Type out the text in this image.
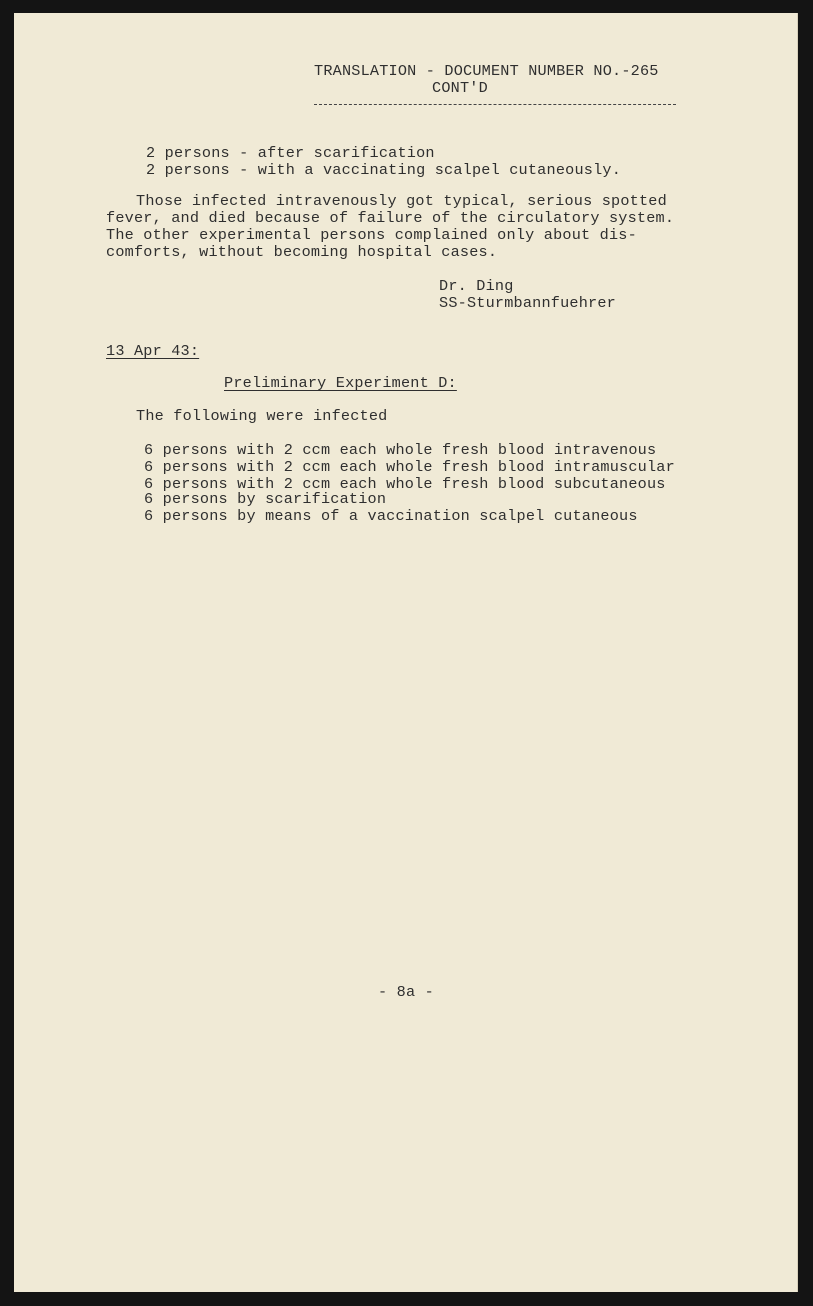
TRANSLATION - DOCUMENT NUMBER NO.-265
CONT'D
2 persons - after scarification
2 persons - with a vaccinating scalpel cutaneously.
Those infected intravenously got typical, serious spotted
fever, and died because of failure of the circulatory system.
The other experimental persons complained only about dis-
comforts, without becoming hospital cases.
Dr. Ding
SS-Sturmbannfuehrer
13 Apr 43:
Preliminary Experiment D:
The following were infected
6 persons with 2 ccm each whole fresh blood intravenous
6 persons with 2 ccm each whole fresh blood intramuscular
6 persons with 2 ccm each whole fresh blood subcutaneous
6 persons by scarification
6 persons by means of a vaccination scalpel cutaneous
- 8a -
